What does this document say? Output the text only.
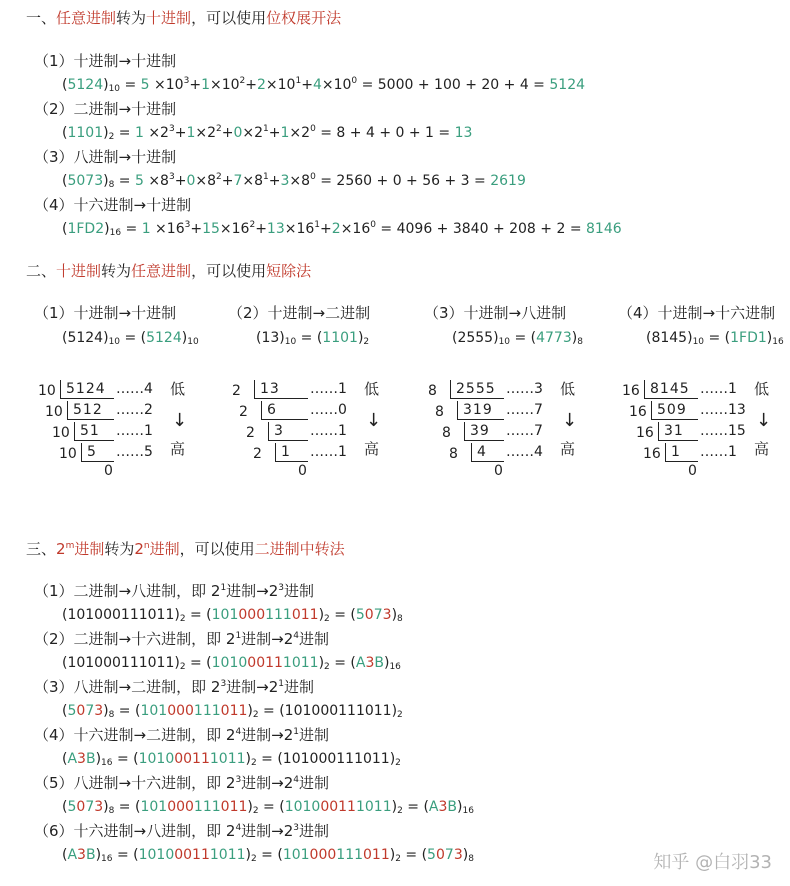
一、任意进制转为十进制，可以使用位权展开法
（1）十进制→十进制
$(5124)_{10} = 5 \times 10^3+1\times 10^2+2\times 10^1+4\times 10^0 = 5000 + 100 + 20 + 4 = 5124$
（2）二进制→十进制
$(1101)_2 = 1 \times 2^3+1\times 2^2+0\times 2^1+1\times 2^0 = 8 + 4 + 0 + 1 = 13$
（3）八进制→十进制
$(5073)_8 = 5 \times 8^3+0\times 8^2+7\times 8^1+3\times 8^0 = 2560 + 0 + 56 + 3 = 2619$
（4）十六进制→十进制
$(1FD2)_{16} = 1 \times 16^3+15\times 16^2+13\times 16^1+2\times 16^0 = 4096 + 3840 + 208 + 2 = 8146$
二、十进制转为任意进制，可以使用短除法
（1）十进制→十进制
$(5124)_{10} = (5124)_{10}$
10 5124 ……4
10 512 ……2
10 51 ……1
10 5 ……5
0
低
↓
高
（2）十进制→二进制
$(13)_{10} = (1101)_2$
2 13 ……1
2 6 ……0
2 3 ……1
2 1 ……1
0
低
↓
高
（3）十进制→八进制
$(2555)_{10} = (4773)_8$
8 2555 ……3
8 319 ……7
8 39 ……7
8 4 ……4
0
低
↓
高
（4）十进制→十六进制
$(8145)_{10} = (1FD1)_{16}$
16 8145 ……1
16 509 ……13
16 31 ……15
16 1 ……1
0
低
↓
高
三、2$^m$进制转为2$^n$进制，可以使用二进制中转法
（1）二进制→八进制，即 $2^1$进制$\to 2^3$进制
$(101000111011)_2 = (101000111011)_2 = (5073)_8$
（2）二进制→十六进制，即 $2^1$进制$\to 2^4$进制
$(101000111011)_2 = (101000111011)_2 = (A3B)_{16}$
（3）八进制→二进制，即 $2^3$进制$\to 2^1$进制
$(5073)_8 = (101000111011)_2 = (101000111011)_2$
（4）十六进制→二进制，即 $2^4$进制$\to 2^1$进制
$(A3B)_{16} = (101000111011)_2 = (101000111011)_2$
（5）八进制→十六进制，即 $2^3$进制$\to 2^4$进制
$(5073)_8 = (101000111011)_2 = (101000111011)_2 = (A3B)_{16}$
（6）十六进制→八进制，即 $2^4$进制$\to 2^3$进制
$(A3B)_{16} = (101000111011)_2 = (101000111011)_2 = (5073)_8$	知乎 @白羽33
